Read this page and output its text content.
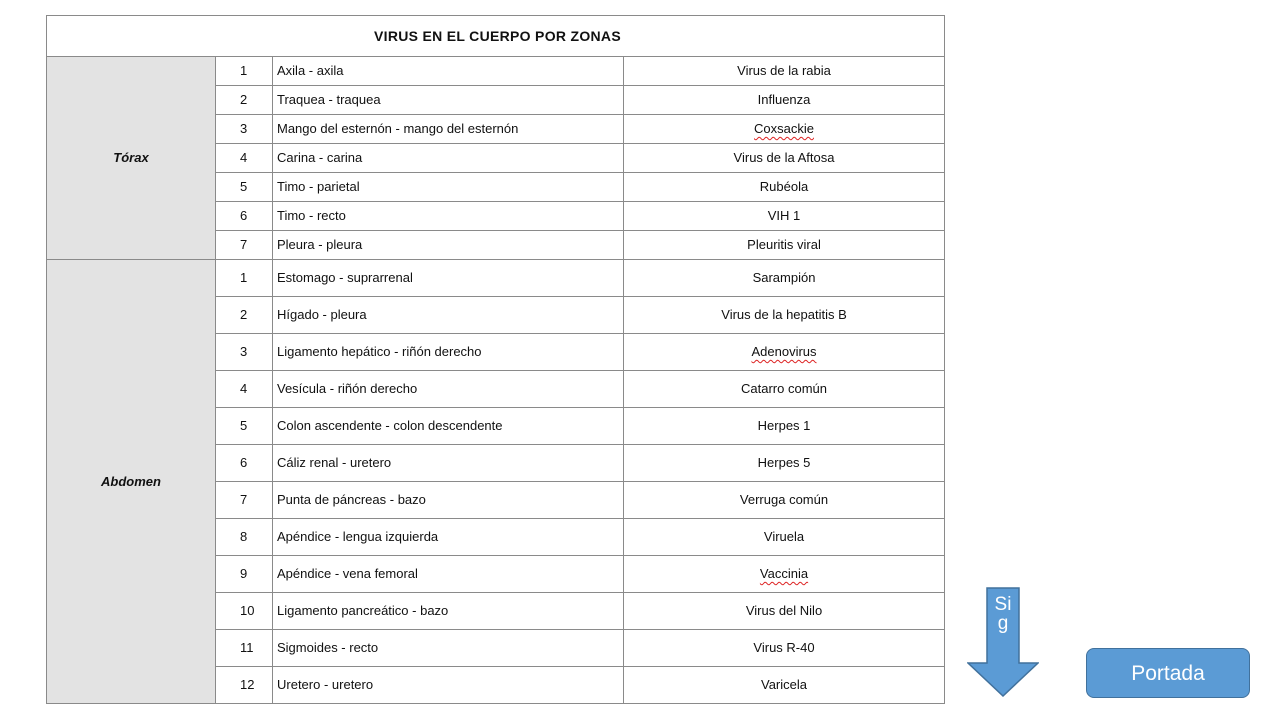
VIRUS EN EL CUERPO POR ZONAS			
Tórax	1	Axila - axila	Virus de la rabia
	2	Traquea - traquea	Influenza
	3	Mango del esternón - mango del esternón	Coxsackie
	4	Carina - carina	Virus de la Aftosa
	5	Timo - parietal	Rubéola
	6	Timo - recto	VIH 1
	7	Pleura - pleura	Pleuritis viral
Abdomen	1	Estomago - suprarrenal	Sarampión
	2	Hígado - pleura	Virus de la hepatitis B
	3	Ligamento hepático - riñón derecho	Adenovirus
	4	Vesícula - riñón derecho	Catarro común
	5	Colon ascendente - colon descendente	Herpes 1
	6	Cáliz renal - uretero	Herpes 5
	7	Punta de páncreas - bazo	Verruga común
	8	Apéndice - lengua izquierda	Viruela
	9	Apéndice - vena femoral	Vaccinia
	10	Ligamento pancreático - bazo	Virus del Nilo
	11	Sigmoides - recto	Virus R-40
	12	Uretero - uretero	Varicela
Sig
Portada
